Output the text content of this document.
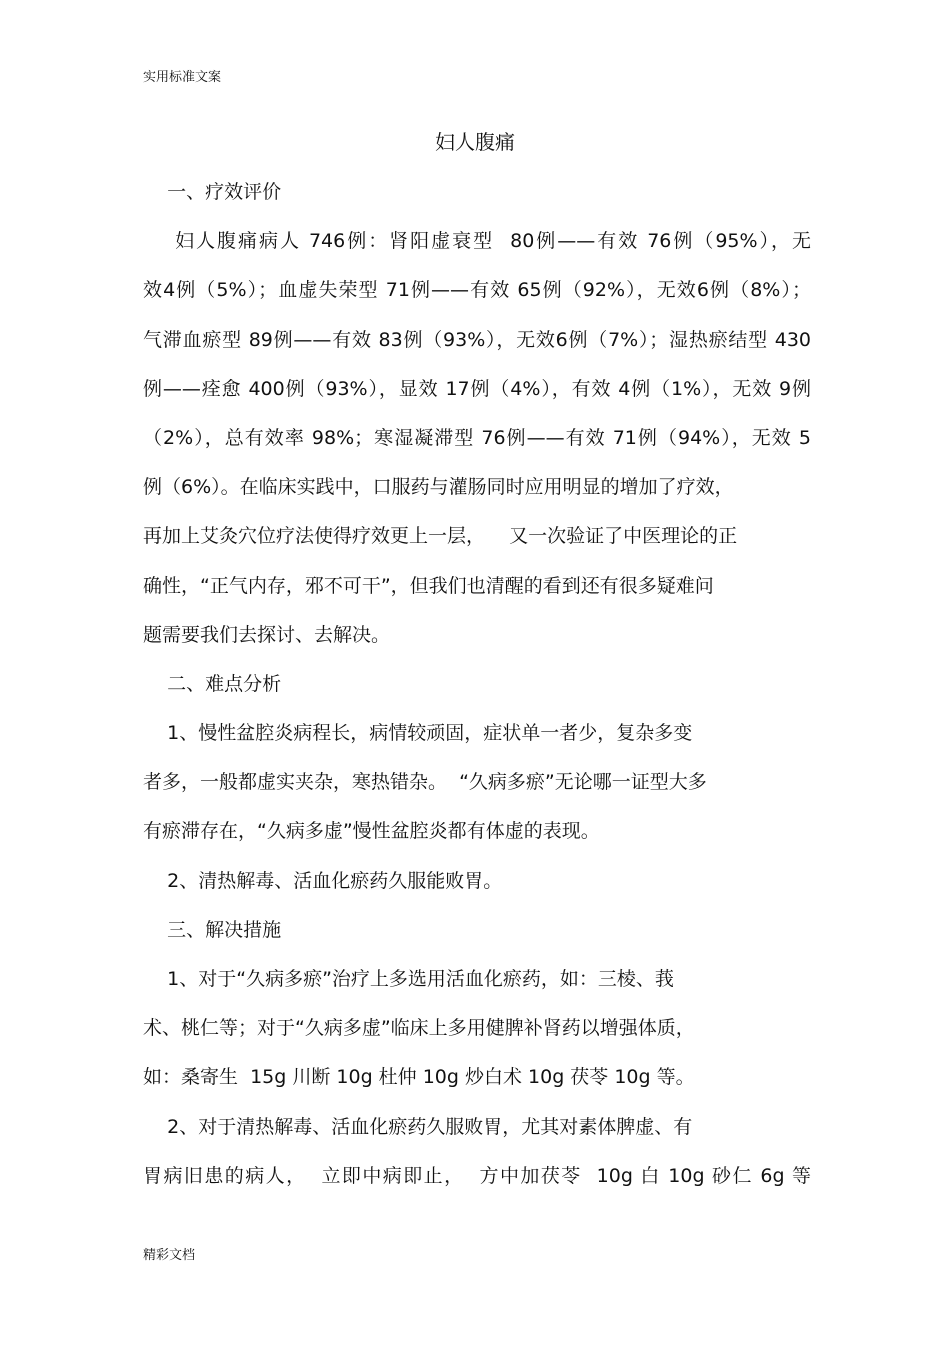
实用标准文案
妇人腹痛
一、疗效评价
妇人腹痛病人 746例：肾阳虚衰型  80例——有效 76例（95%），无
效4例（5%）；血虚失荣型 71例——有效 65例（92%），无效6例（8%）；
气滞血瘀型 89例——有效 83例（93%），无效6例（7%）；湿热瘀结型 430
例——痊愈 400例（93%），显效 17例（4%），有效 4例（1%），无效 9例
（2%），总有效率 98%；寒湿凝滞型 76例——有效 71例（94%），无效 5
例（6%）。在临床实践中，口服药与灌肠同时应用明显的增加了疗效，
再加上艾灸穴位疗法使得疗效更上一层，    又一次验证了中医理论的正
确性，“正气内存，邪不可干”，但我们也清醒的看到还有很多疑难问
题需要我们去探讨、去解决。
二、难点分析
1、慢性盆腔炎病程长，病情较顽固，症状单一者少，复杂多变
者多，一般都虚实夹杂，寒热错杂。  “久病多瘀”无论哪一证型大多
有瘀滞存在，“久病多虚”慢性盆腔炎都有体虚的表现。
2、清热解毒、活血化瘀药久服能败胃。
三、解决措施
1、对于“久病多瘀”治疗上多选用活血化瘀药，如：三棱、莪
术、桃仁等；对于“久病多虚”临床上多用健脾补肾药以增强体质，
如：桑寄生  15g 川断 10g 杜仲 10g 炒白术 10g 茯苓 10g 等。
2、对于清热解毒、活血化瘀药久服败胃，尤其对素体脾虚、有
胃病旧患的病人，  立即中病即止，  方中加茯苓  10g 白 10g 砂仁 6g 等
精彩文档
